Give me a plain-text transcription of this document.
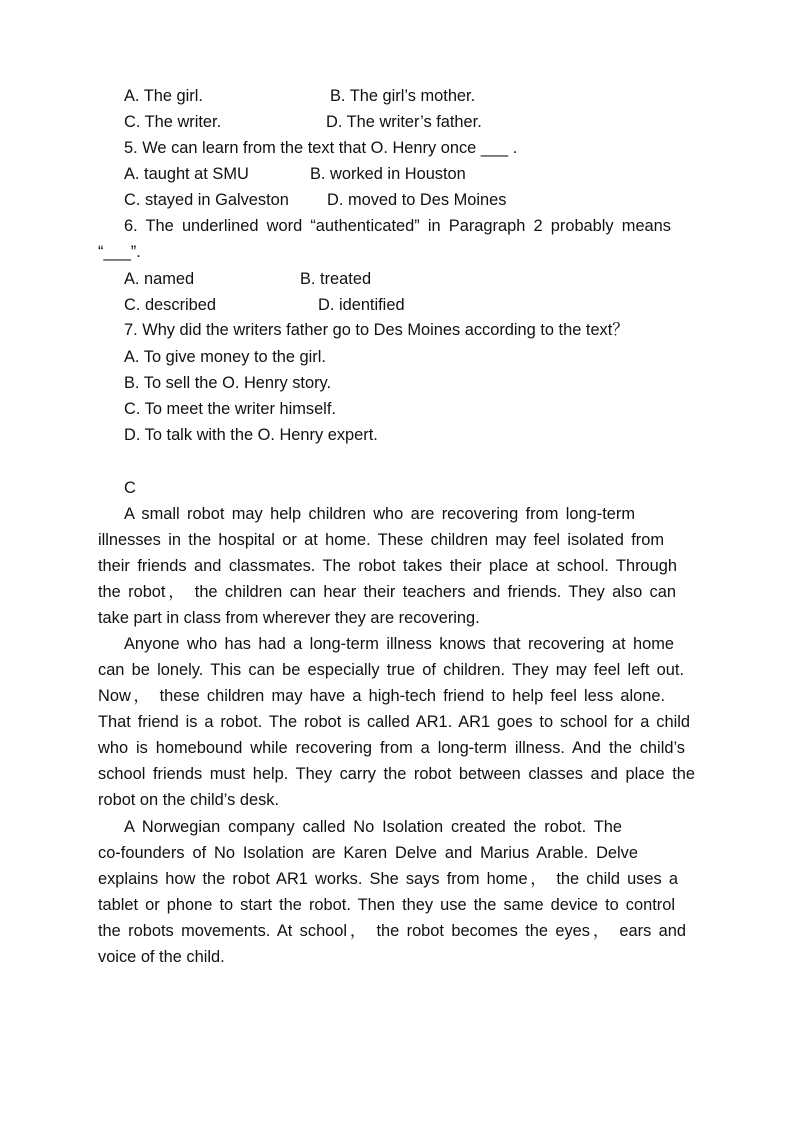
A. The girl.	B. The girl’s mother.
C. The writer.	D. The writer’s father.
5. We can learn from the text that O. Henry once ___ .
A. taught at SMU	B. worked in Houston
C. stayed in Galveston D. moved to Des Moines
6. The underlined word “authenticated” in Paragraph 2 probably means
“___”.
A. named	B. treated
C. described	D. identified
7. Why did the writers father go to Des Moines according to the text？
A. To give money to the girl.
B. To sell the O. Henry story.
C. To meet the writer himself.
D. To talk with the O. Henry expert.
C
A small robot may help children who are recovering from long-term
illnesses in the hospital or at home. These children may feel isolated from
their friends and classmates. The robot takes their place at school. Through
the robot， the children can hear their teachers and friends. They also can
take part in class from wherever they are recovering.
Anyone who has had a long-term illness knows that recovering at home
can be lonely. This can be especially true of children. They may feel left out.
Now， these children may have a high-tech friend to help feel less alone.
That friend is a robot. The robot is called AR1. AR1 goes to school for a child
who is homebound while recovering from a long-term illness. And the child’s
school friends must help. They carry the robot between classes and place the
robot on the child’s desk.
A Norwegian company called No Isolation created the robot. The
co-founders of No Isolation are Karen Delve and Marius Arable. Delve
explains how the robot AR1 works. She says from home， the child uses a
tablet or phone to start the robot. Then they use the same device to control
the robots movements. At school， the robot becomes the eyes， ears and
voice of the child.
